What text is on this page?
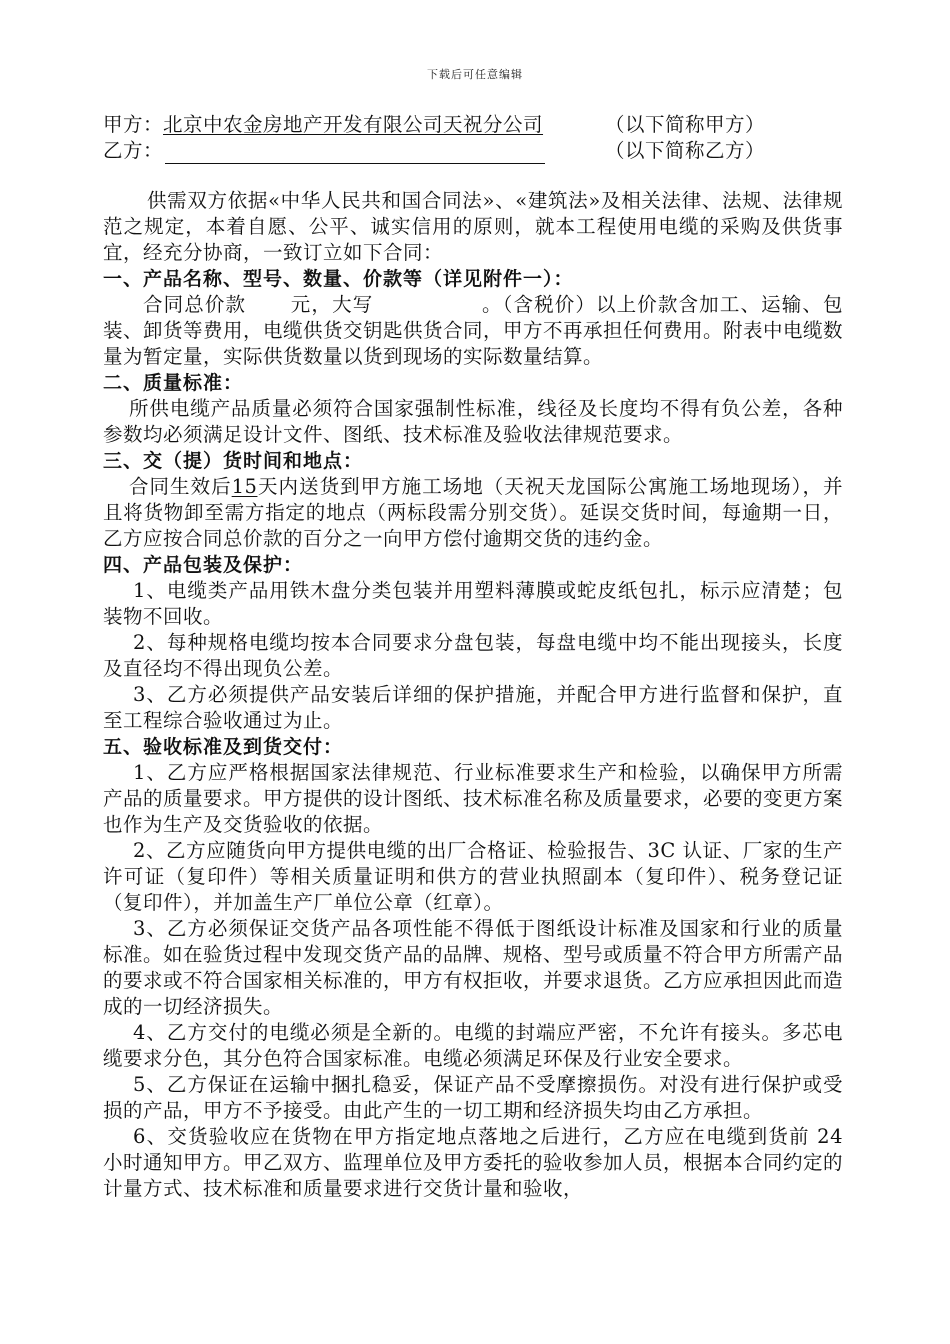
下载后可任意编辑
甲方：北京中农金房地产开发有限公司天祝分公司	（以下简称甲方）
乙方：	（以下简称乙方）

供需双方依据«中华人民共和国合同法»、«建筑法»及相关法律、法规、法律规范之规定，本着自愿、公平、诚实信用的原则，就本工程使用电缆的采购及供货事宜，经充分协商，一致订立如下合同：

一、产品名称、型号、数量、价款等（详见附件一）：

合同总价款 元，大写	。（含税价）以上价款含加工、运输、包装、卸货等费用，电缆供货交钥匙供货合同，甲方不再承担任何费用。附表中电缆数量为暂定量，实际供货数量以货到现场的实际数量结算。

二、质量标准：

所供电缆产品质量必须符合国家强制性标准，线径及长度均不得有负公差，各种参数均必须满足设计文件、图纸、技术标准及验收法律规范要求。

三、交（提）货时间和地点：

合同生效后15天内送货到甲方施工场地（天祝天龙国际公寓施工场地现场），并且将货物卸至需方指定的地点（两标段需分别交货）。延误交货时间，每逾期一日，乙方应按合同总价款的百分之一向甲方偿付逾期交货的违约金。

四、产品包装及保护：

1、电缆类产品用铁木盘分类包装并用塑料薄膜或蛇皮纸包扎，标示应清楚；包装物不回收。

2、每种规格电缆均按本合同要求分盘包装，每盘电缆中均不能出现接头，长度及直径均不得出现负公差。

3、乙方必须提供产品安装后详细的保护措施，并配合甲方进行监督和保护，直至工程综合验收通过为止。

五、验收标准及到货交付：

1、乙方应严格根据国家法律规范、行业标准要求生产和检验，以确保甲方所需产品的质量要求。甲方提供的设计图纸、技术标准名称及质量要求，必要的变更方案也作为生产及交货验收的依据。

2、乙方应随货向甲方提供电缆的出厂合格证、检验报告、3C 认证、厂家的生产许可证（复印件）等相关质量证明和供方的营业执照副本（复印件）、税务登记证（复印件），并加盖生产厂单位公章（红章）。

3、乙方必须保证交货产品各项性能不得低于图纸设计标准及国家和行业的质量标准。如在验货过程中发现交货产品的品牌、规格、型号或质量不符合甲方所需产品的要求或不符合国家相关标准的，甲方有权拒收，并要求退货。乙方应承担因此而造成的一切经济损失。

4、乙方交付的电缆必须是全新的。电缆的封端应严密，不允许有接头。多芯电缆要求分色，其分色符合国家标准。电缆必须满足环保及行业安全要求。

5、乙方保证在运输中捆扎稳妥，保证产品不受摩擦损伤。对没有进行保护或受损的产品，甲方不予接受。由此产生的一切工期和经济损失均由乙方承担。

6、交货验收应在货物在甲方指定地点落地之后进行，乙方应在电缆到货前 24 小时通知甲方。甲乙双方、监理单位及甲方委托的验收参加人员，根据本合同约定的计量方式、技术标准和质量要求进行交货计量和验收，
